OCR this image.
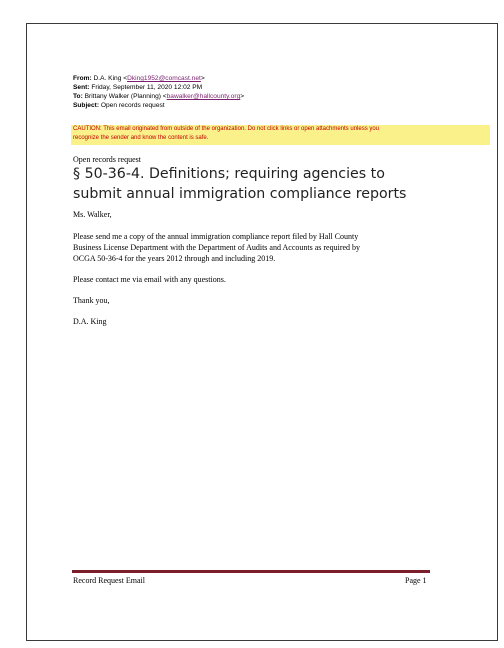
From: D.A. King <Dking1952@comcast.net>
Sent: Friday, September 11, 2020 12:02 PM
To: Brittany Walker (Planning) <bawalker@hallcounty.org>
Subject: Open records request
CAUTION: This email originated from outside of the organization. Do not click links or open attachments unless you
recognize the sender and know the content is safe.
Open records request
§ 50-36-4. Definitions; requiring agencies to
submit annual immigration compliance reports
Ms. Walker,
Please send me a copy of the annual immigration compliance report filed by Hall County
Business License Department with the Department of Audits and Accounts as required by
OCGA 50-36-4 for the years 2012 through and including 2019.
Please contact me via email with any questions.
Thank you,
D.A. King
Record Request Email	Page 1
